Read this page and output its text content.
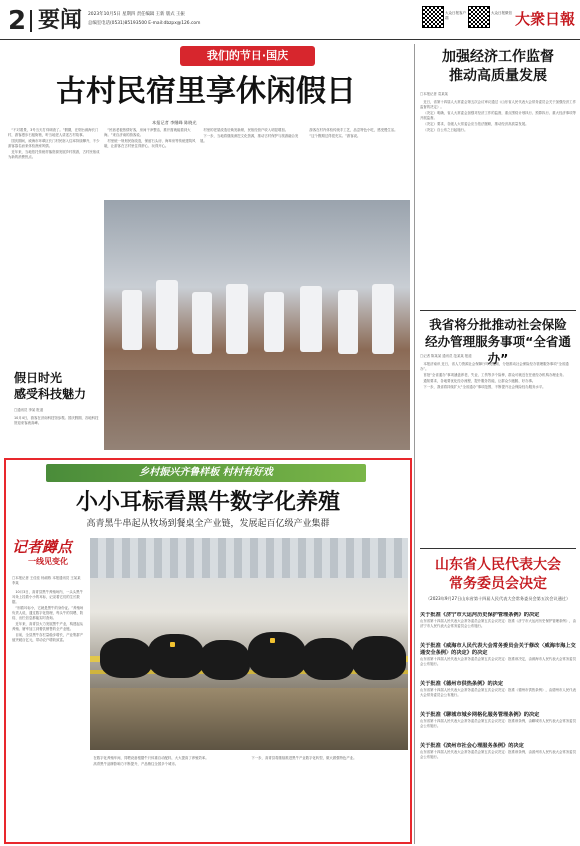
2 要闻 2023年10月5日 星期四 责任编辑 王新 版式 王振
总编室电话(0531)85193500 E-mail:dbzpx@126.com
大众日报客户端
大众日报微信 大衆日報
我们的节日·国庆
古村民宿里享休闲假日
本报记者 李继峰 陈晓光

“不对着景，3号当天打烊调查了。”假期，在烟台威海长门村，游客漫步石板街巷，听当地老人讲述古村故事。

国庆期间，威海市环翠区长门村民宿入住率持续攀升，不少游客慕名而来体验渔家风情。

近年来，当地依托传统村落资源发展乡村旅游，古村民宿成为新的消费热点。

“民宿老板热情好客，房间干净整洁，推开窗就能看到大海。”来自济南的游客说。

村里统一规划民宿改造，保留石头房、海草房等传统建筑风貌，让游客在古村里住得舒心、玩得开心。

村里的老屋改造后焕发新颜，民宿经营户收入明显增加。

下一步，当地将继续深挖文化资源，推动古村保护与旅游融合发展。

游客在村内体验传统手工艺，品尝特色小吃，感受慢生活。

“这个假期过得很充实。”游客说。

假日时光
感受科技魅力
□通讯员 李某 报道
10月4日，游客在济南科技馆参观。国庆假期，各地科技馆迎来客流高峰。
乡村振兴齐鲁样板 村村有好戏
小小耳标看黑牛数字化养殖
高青黑牛串起从牧场到餐桌全产业链，发展起百亿级产业集群
记者蹲点
一线见变化
□本报记者 王佳佳 杨淑栋 本报通讯员 王某某 李某

10月3日，高青县黑牛养殖场内，一头头黑牛耳朵上挂着小小的耳标，记录着它们的生长数据。

“别看耳标小，它就是黑牛的身份证。”养殖场负责人说，通过数字化管理，每头牛的饲喂、防疫、出栏信息都能实时查询。

近年来，高青县大力发展黑牛产业，构建起从养殖、屠宰加工到餐饮销售的全产业链。

目前，全县黑牛存栏量稳步增长，产业集群产值突破百亿元，带动农户增收致富。

在数字化养殖车间，饲喂设备根据牛只体重自动配料，大大提高了养殖效率。

高青黑牛品牌影响力不断提升，产品销往全国多个城市。

下一步，高青县将继续推进黑牛产业数字化转型，做大做强特色产业。

加强经济工作监督
推动高质量发展
□本报记者 袁某某

近日，省第十四届人大常委会第五次会议审议通过《山东省人民代表大会常务委员会关于加强经济工作监督的决定》。

《决定》明确，省人大常委会加强对经济工作的监督，重点围绕计划执行、预算执行、重大经济事项等开展监督。

《决定》要求，各级人大常委会应当依法履职，推动经济高质量发展。

《决定》自公布之日起施行。

我省将分批推动社会保险
经办管理服务事项“全省通办”
□记者 陈某某 通讯员 范某某 报道

本报济南讯 近日，省人力资源社会保障厅印发通知，分批推动社会保险经办管理服务事项“全省通办”。

首批“全省通办”事项涵盖养老、失业、工伤等多个险种，群众可就近在任意经办机构办理业务。

通知要求，各地要优化经办流程，提升服务效能，让群众少跑腿、好办事。

下一步，我省将持续扩大“全省通办”事项范围，不断提升社会保险经办服务水平。

山东省人民代表大会
常务委员会决定
（2023年9月27日山东省第十四届人民代表大会常务委员会第五次会议通过）
关于批准《济宁市大运河历史保护管理条例》的决定
山东省第十四届人民代表大会常务委员会第五次会议决定：批准《济宁市大运河历史保护管理条例》，由济宁市人民代表大会常务委员会公布施行。
关于批准《威海市人民代表大会常务委员会关于修改〈威海市海上交通安全条例〉的决定》的决定
山东省第十四届人民代表大会常务委员会第五次会议决定：批准该决定，由威海市人民代表大会常务委员会公布施行。
关于批准《德州市供热条例》的决定
山东省第十四届人民代表大会常务委员会第五次会议决定：批准《德州市供热条例》，由德州市人民代表大会常务委员会公布施行。
关于批准《聊城市城乡网格化服务管理条例》的决定
山东省第十四届人民代表大会常务委员会第五次会议决定：批准该条例，由聊城市人民代表大会常务委员会公布施行。
关于批准《滨州市社会心理服务条例》的决定
山东省第十四届人民代表大会常务委员会第五次会议决定：批准该条例，由滨州市人民代表大会常务委员会公布施行。
